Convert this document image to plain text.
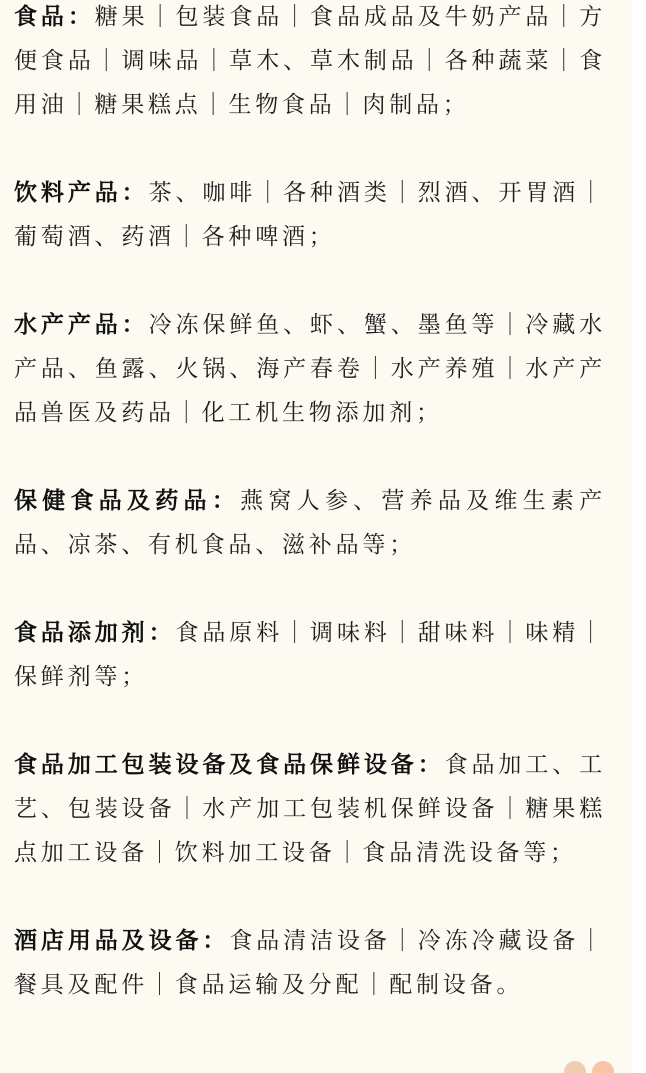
食品：糖果｜包装食品｜食品成品及牛奶产品｜方便食品｜调味品｜草木、草木制品｜各种蔬菜｜食用油｜糖果糕点｜生物食品｜肉制品；

饮料产品：茶、咖啡｜各种酒类｜烈酒、开胃酒｜葡萄酒、药酒｜各种啤酒；

水产产品：冷冻保鲜鱼、虾、蟹、墨鱼等｜冷藏水产品、鱼露、火锅、海产春卷｜水产养殖｜水产产品兽医及药品｜化工机生物添加剂；

保健食品及药品：燕窝人参、营养品及维生素产品、凉茶、有机食品、滋补品等；

食品添加剂：食品原料｜调味料｜甜味料｜味精｜保鲜剂等；

食品加工包装设备及食品保鲜设备：食品加工、工艺、包装设备｜水产加工包装机保鲜设备｜糖果糕点加工设备｜饮料加工设备｜食品清洗设备等；

酒店用品及设备：食品清洁设备｜冷冻冷藏设备｜餐具及配件｜食品运输及分配｜配制设备。
